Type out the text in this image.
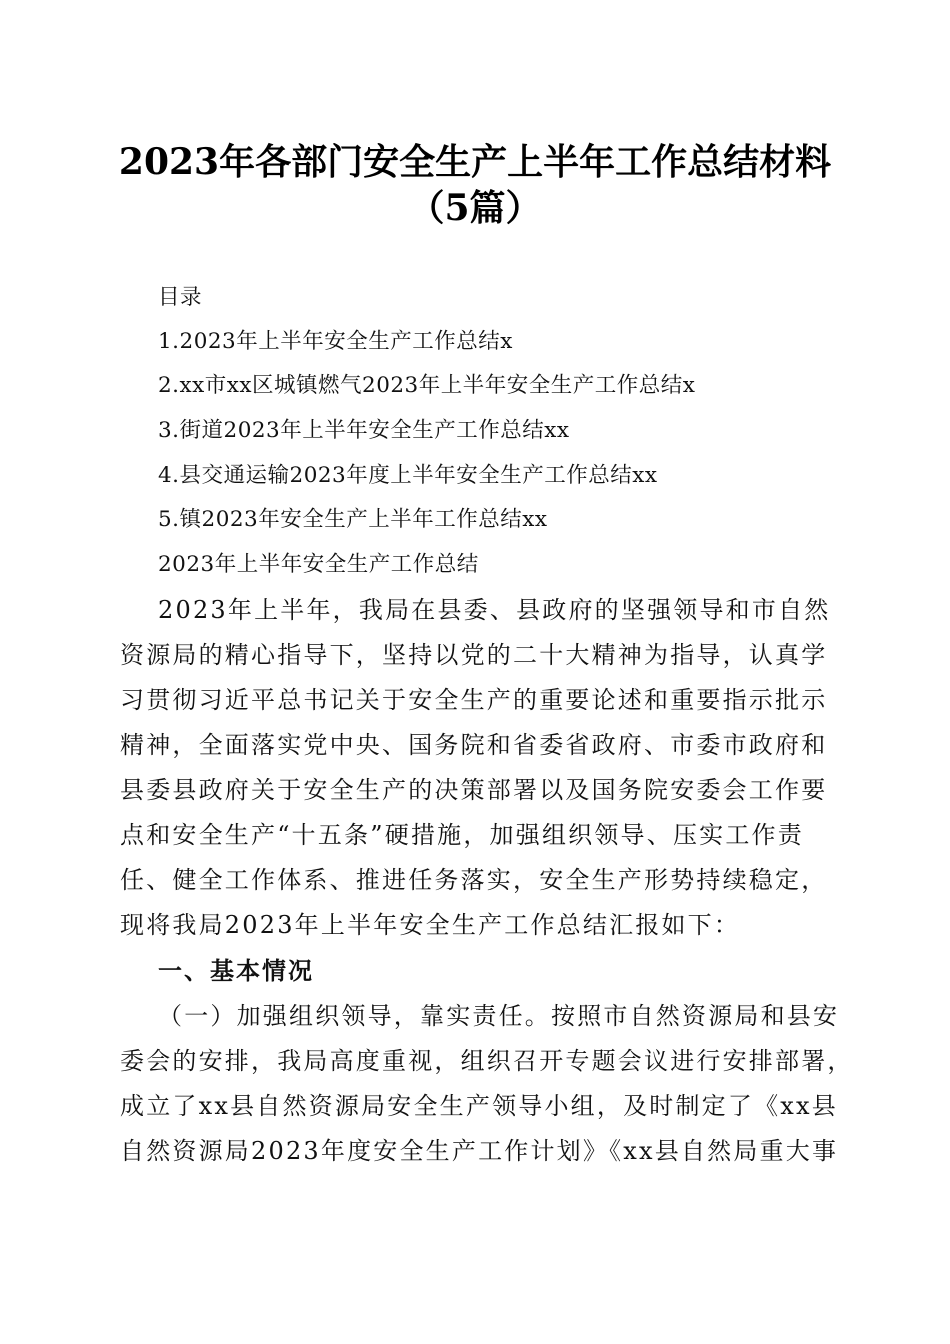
2023年各部门安全生产上半年工作总结材料
（5篇）
目录
1.2023年上半年安全生产工作总结x
2.xx市xx区城镇燃气2023年上半年安全生产工作总结x
3.街道2023年上半年安全生产工作总结xx
4.县交通运输2023年度上半年安全生产工作总结xx
5.镇2023年安全生产上半年工作总结xx
2023年上半年安全生产工作总结
2023年上半年，我局在县委、县政府的坚强领导和市自然
资源局的精心指导下，坚持以党的二十大精神为指导，认真学
习贯彻习近平总书记关于安全生产的重要论述和重要指示批示
精神，全面落实党中央、国务院和省委省政府、市委市政府和
县委县政府关于安全生产的决策部署以及国务院安委会工作要
点和安全生产“十五条”硬措施，加强组织领导、压实工作责
任、健全工作体系、推进任务落实，安全生产形势持续稳定，
现将我局2023年上半年安全生产工作总结汇报如下：
一、基本情况
（一）加强组织领导，靠实责任。按照市自然资源局和县安
委会的安排，我局高度重视，组织召开专题会议进行安排部署，
成立了xx县自然资源局安全生产领导小组，及时制定了《xx县
自然资源局2023年度安全生产工作计划》《xx县自然局重大事
